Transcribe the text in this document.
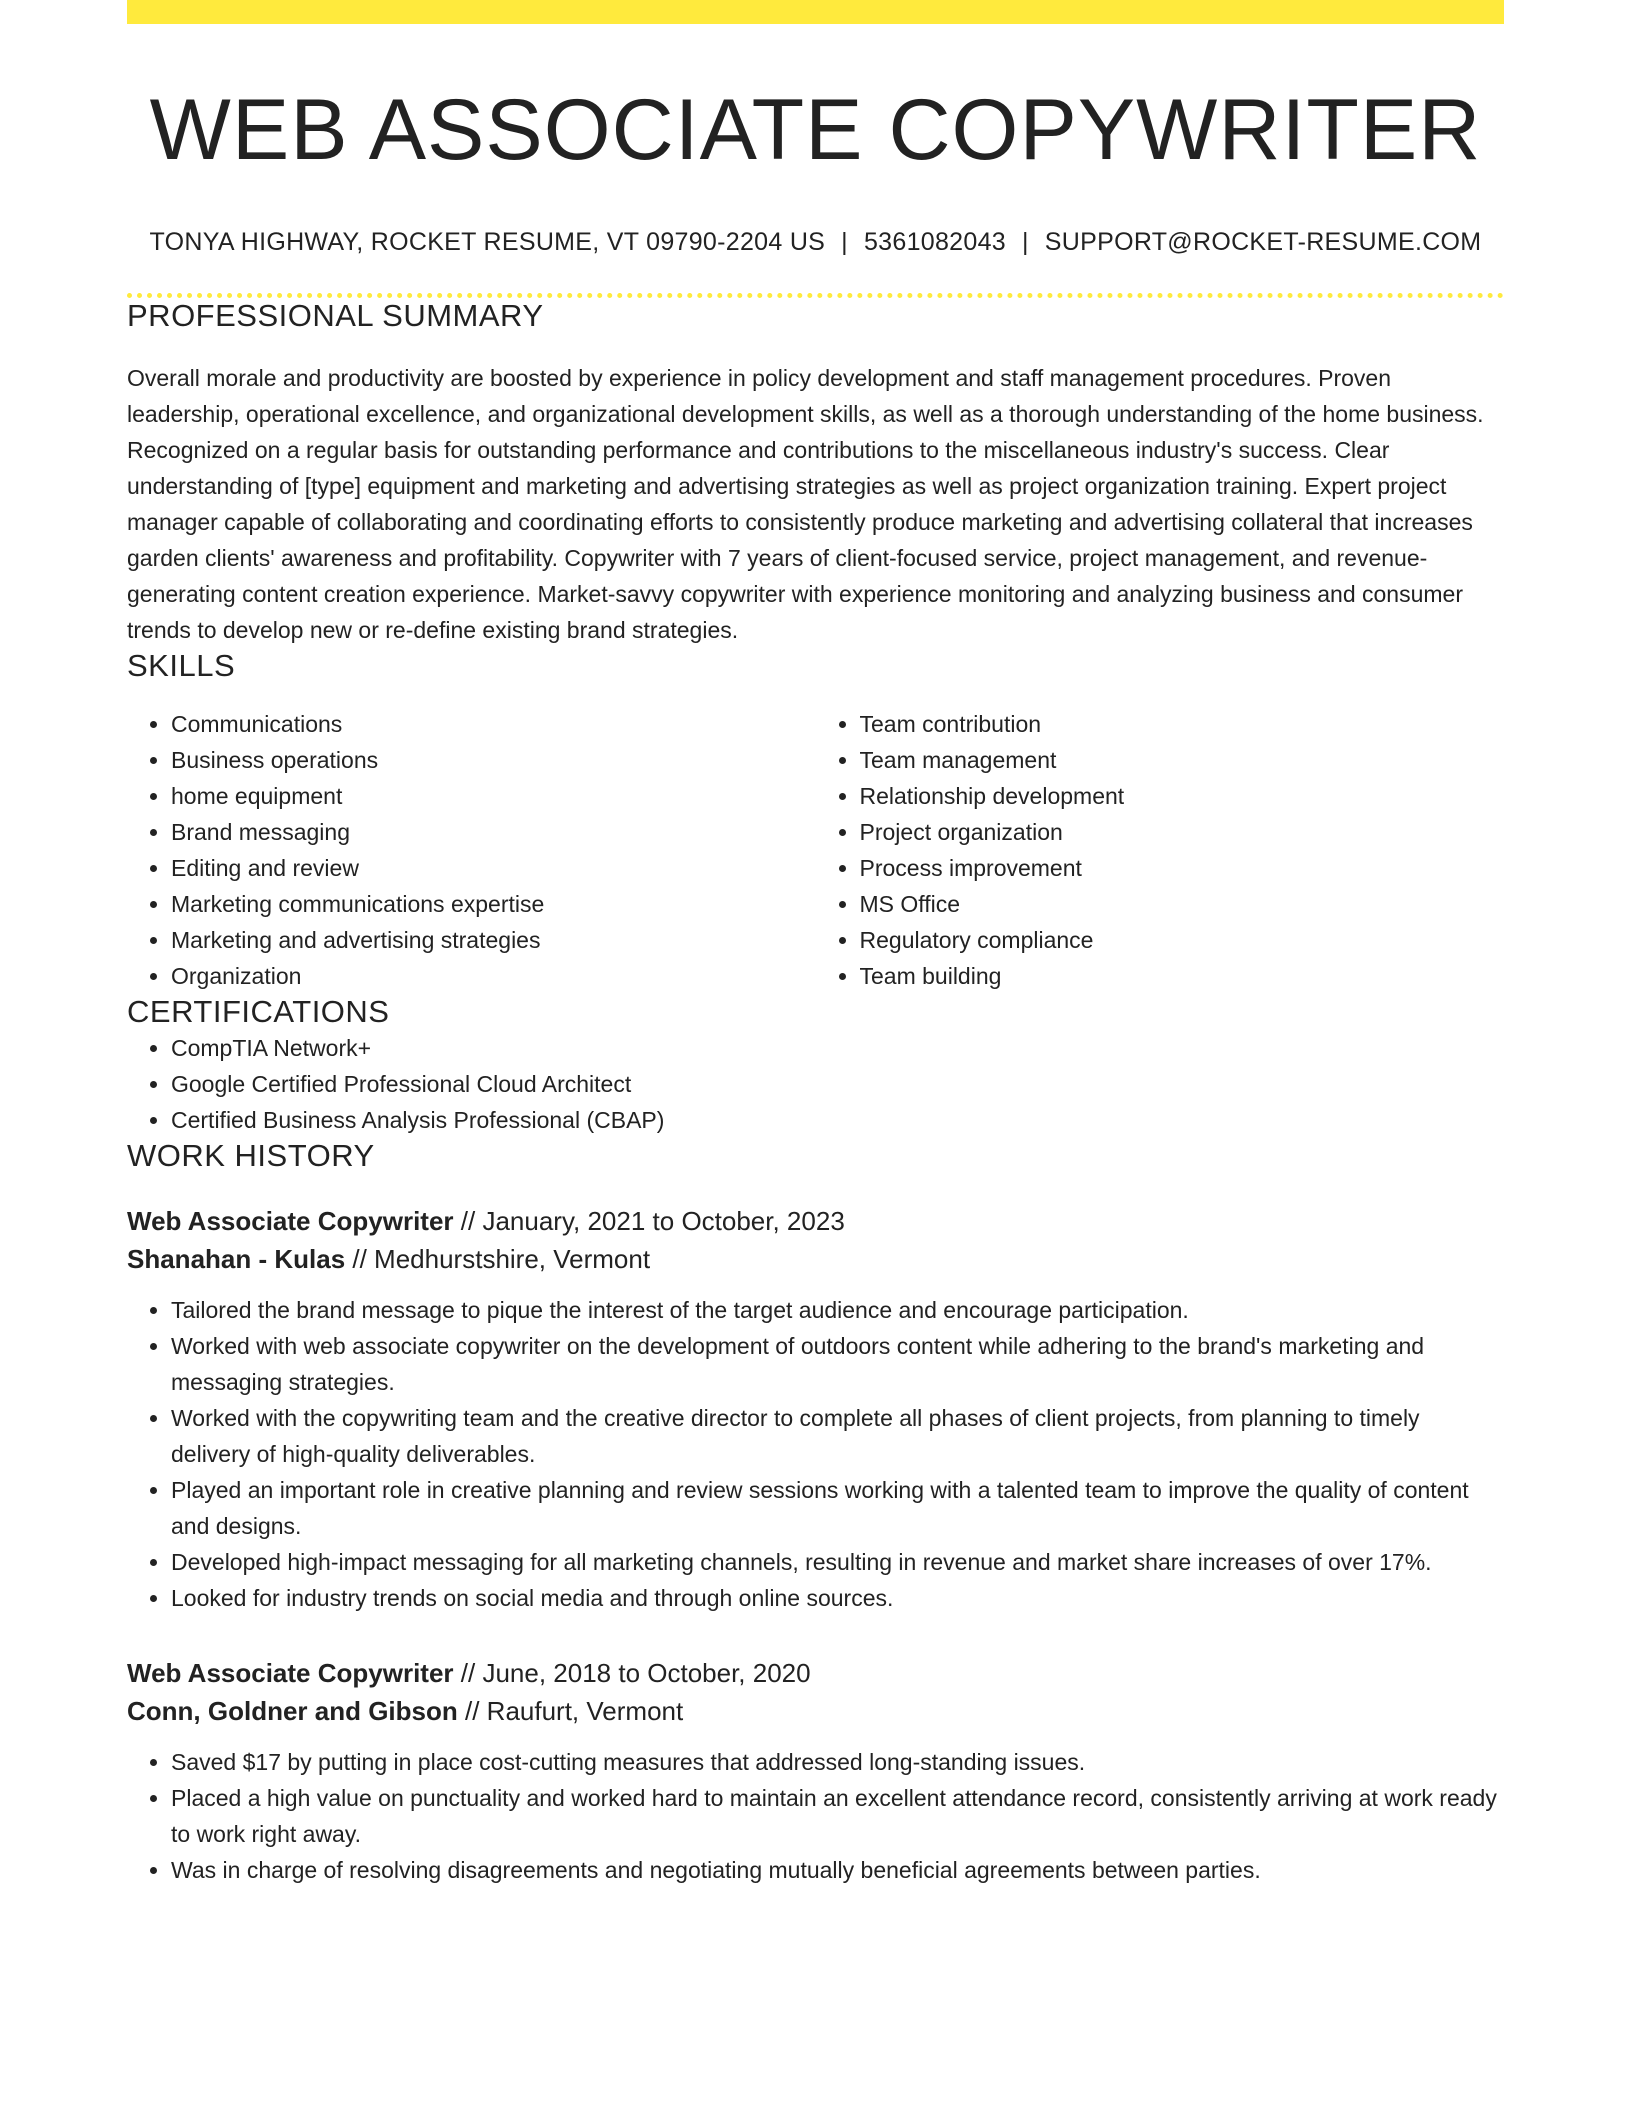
WEB ASSOCIATE COPYWRITER
TONYA HIGHWAY, ROCKET RESUME, VT 09790-2204 US | 5361082043 | SUPPORT@ROCKET-RESUME.COM
PROFESSIONAL SUMMARY

Overall morale and productivity are boosted by experience in policy development and staff management procedures. Proven leadership, operational excellence, and organizational development skills, as well as a thorough understanding of the home business. Recognized on a regular basis for outstanding performance and contributions to the miscellaneous industry's success. Clear understanding of [type] equipment and marketing and advertising strategies as well as project organization training. Expert project manager capable of collaborating and coordinating efforts to consistently produce marketing and advertising collateral that increases garden clients' awareness and profitability. Copywriter with 7 years of client-focused service, project management, and revenue-generating content creation experience. Market-savvy copywriter with experience monitoring and analyzing business and consumer trends to develop new or re-define existing brand strategies.

SKILLS
• Communications
• Business operations
• home equipment
• Brand messaging
• Editing and review
• Marketing communications expertise
• Marketing and advertising strategies
• Organization
• Team contribution
• Team management
• Relationship development
• Project organization
• Process improvement
• MS Office
• Regulatory compliance
• Team building
CERTIFICATIONS
• CompTIA Network+
• Google Certified Professional Cloud Architect
• Certified Business Analysis Professional (CBAP)
WORK HISTORY
Web Associate Copywriter // January, 2021 to October, 2023
Shanahan - Kulas // Medhurstshire, Vermont
• Tailored the brand message to pique the interest of the target audience and encourage participation.
• Worked with web associate copywriter on the development of outdoors content while adhering to the brand's marketing and messaging strategies.
• Worked with the copywriting team and the creative director to complete all phases of client projects, from planning to timely delivery of high-quality deliverables.
• Played an important role in creative planning and review sessions working with a talented team to improve the quality of content and designs.
• Developed high-impact messaging for all marketing channels, resulting in revenue and market share increases of over 17%.
• Looked for industry trends on social media and through online sources.
Web Associate Copywriter // June, 2018 to October, 2020
Conn, Goldner and Gibson // Raufurt, Vermont
• Saved $17 by putting in place cost-cutting measures that addressed long-standing issues.
• Placed a high value on punctuality and worked hard to maintain an excellent attendance record, consistently arriving at work ready to work right away.
• Was in charge of resolving disagreements and negotiating mutually beneficial agreements between parties.
